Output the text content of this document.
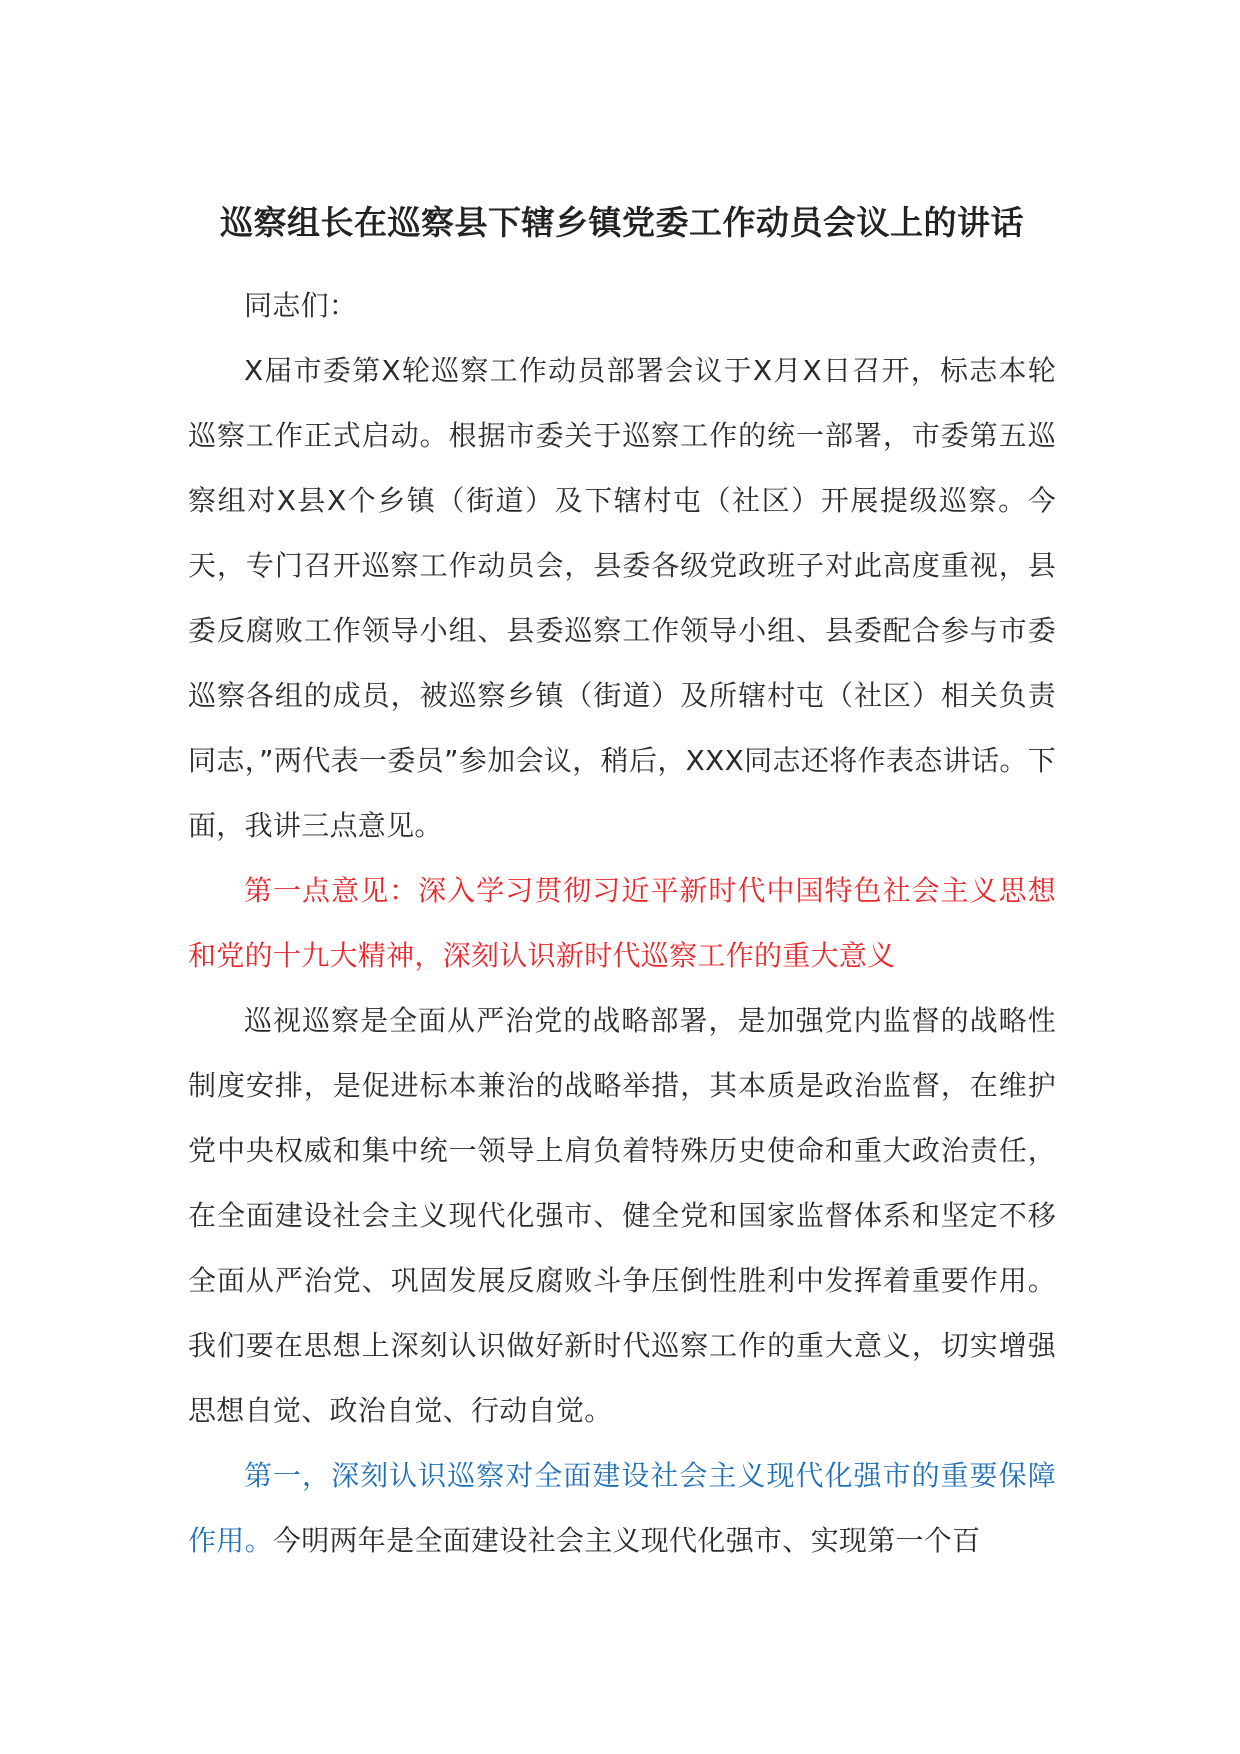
巡察组长在巡察县下辖乡镇党委工作动员会议上的讲话

同志们：

X届市委第X轮巡察工作动员部署会议于X月X日召开，标志本轮巡察工作正式启动。根据市委关于巡察工作的统一部署，市委第五巡察组对X县X个乡镇（街道）及下辖村屯（社区）开展提级巡察。今天，专门召开巡察工作动员会，县委各级党政班子对此高度重视，县委反腐败工作领导小组、县委巡察工作领导小组、县委配合参与市委巡察各组的成员，被巡察乡镇（街道）及所辖村屯（社区）相关负责同志，”两代表一委员”参加会议，稍后，XXX同志还将作表态讲话。下面，我讲三点意见。

第一点意见：深入学习贯彻习近平新时代中国特色社会主义思想和党的十九大精神，深刻认识新时代巡察工作的重大意义

巡视巡察是全面从严治党的战略部署，是加强党内监督的战略性制度安排，是促进标本兼治的战略举措，其本质是政治监督，在维护党中央权威和集中统一领导上肩负着特殊历史使命和重大政治责任，在全面建设社会主义现代化强市、健全党和国家监督体系和坚定不移全面从严治党、巩固发展反腐败斗争压倒性胜利中发挥着重要作用。我们要在思想上深刻认识做好新时代巡察工作的重大意义，切实增强思想自觉、政治自觉、行动自觉。

第一，深刻认识巡察对全面建设社会主义现代化强市的重要保障作用。今明两年是全面建设社会主义现代化强市、实现第一个百
